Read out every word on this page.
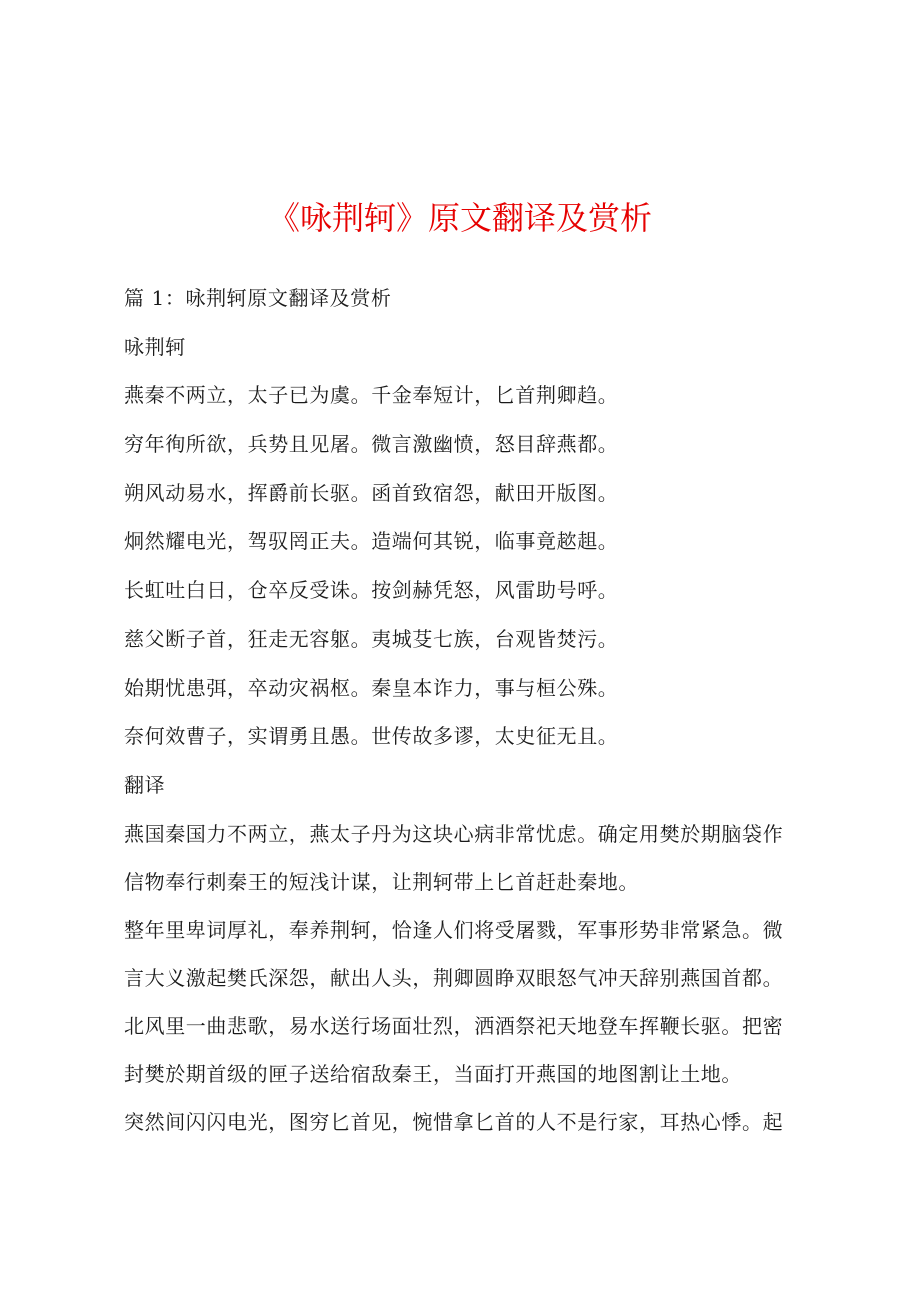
《咏荆轲》原文翻译及赏析

篇 1：咏荆轲原文翻译及赏析

咏荆轲

燕秦不两立，太子已为虞。千金奉短计，匕首荆卿趋。

穷年徇所欲，兵势且见屠。微言激幽愤，怒目辞燕都。

朔风动易水，挥爵前长驱。函首致宿怨，献田开版图。

炯然耀电光，驾驭罔正夫。造端何其锐，临事竟趑趄。

长虹吐白日，仓卒反受诛。按剑赫凭怒，风雷助号呼。

慈父断子首，狂走无容躯。夷城芟七族，台观皆焚污。

始期忧患弭，卒动灾祸枢。秦皇本诈力，事与桓公殊。

奈何效曹子，实谓勇且愚。世传故多谬，太史征无且。

翻译

燕国秦国力不两立，燕太子丹为这块心病非常忧虑。确定用樊於期脑袋作

信物奉行刺秦王的短浅计谋，让荆轲带上匕首赶赴秦地。

整年里卑词厚礼，奉养荆轲，恰逢人们将受屠戮，军事形势非常紧急。微

言大义激起樊氏深怨，献出人头，荆卿圆睁双眼怒气冲天辞别燕国首都。

北风里一曲悲歌，易水送行场面壮烈，洒酒祭祀天地登车挥鞭长驱。把密

封樊於期首级的匣子送给宿敌秦王，当面打开燕国的地图割让土地。

突然间闪闪电光，图穷匕首见，惋惜拿匕首的人不是行家，耳热心悸。起
